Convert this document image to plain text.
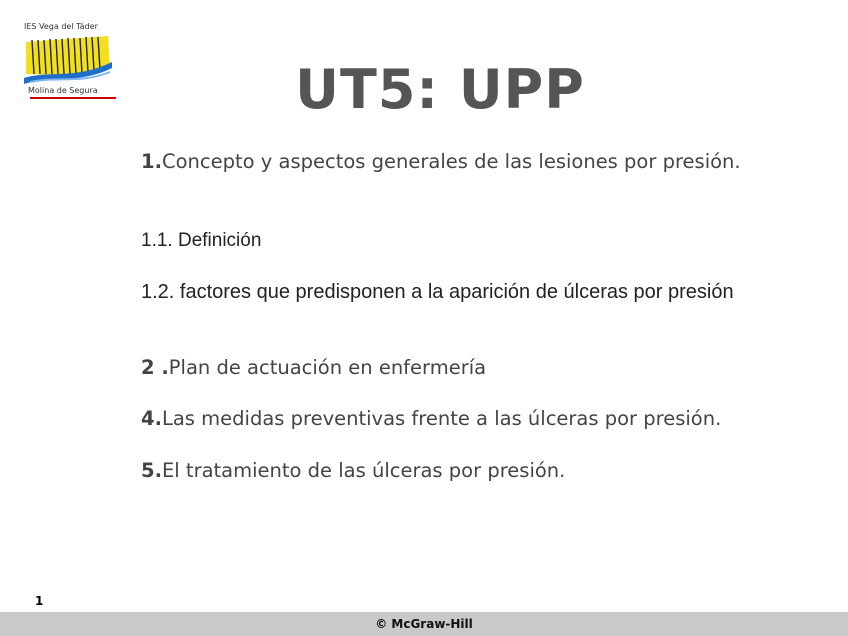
IES Vega del Táder
Molina de Segura	UT5: UPP

1.Concepto y aspectos generales de las lesiones por presión.

1.1. Definición

1.2. factores que predisponen a la aparición de úlceras por presión

2 .Plan de actuación en enfermería

4.Las medidas preventivas frente a las úlceras por presión.

5.El tratamiento de las úlceras por presión.

1
© McGraw-Hill
